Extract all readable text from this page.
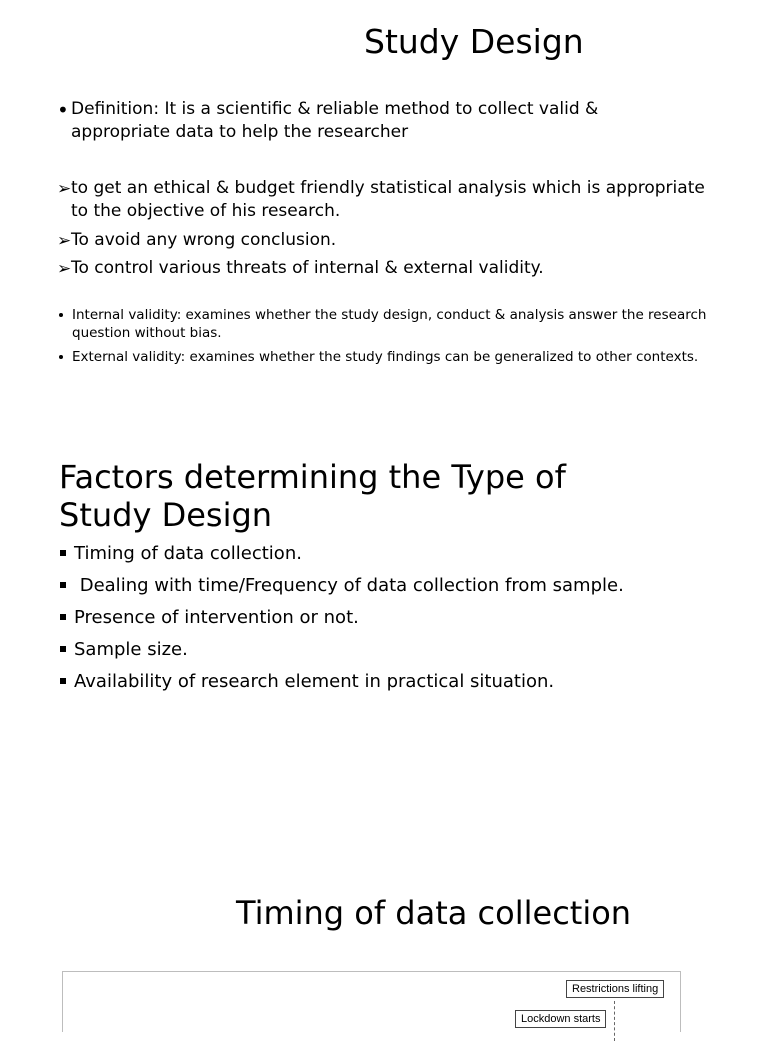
Study Design
• Definition: It is a scientific & reliable method to collect valid &
appropriate data to help the researcher
➢ to get an ethical & budget friendly statistical analysis which is appropriate
to the objective of his research.
➢ To avoid any wrong conclusion.
➢ To control various threats of internal & external validity.
Internal validity: examines whether the study design, conduct & analysis answer the research
question without bias.
External validity: examines whether the study findings can be generalized to other contexts.
Factors determining the Type of
Study Design
Timing of data collection.
Dealing with time/Frequency of data collection from sample.
Presence of intervention or not.
Sample size.
Availability of research element in practical situation.
Timing of data collection
Restrictions lifting
Lockdown starts
